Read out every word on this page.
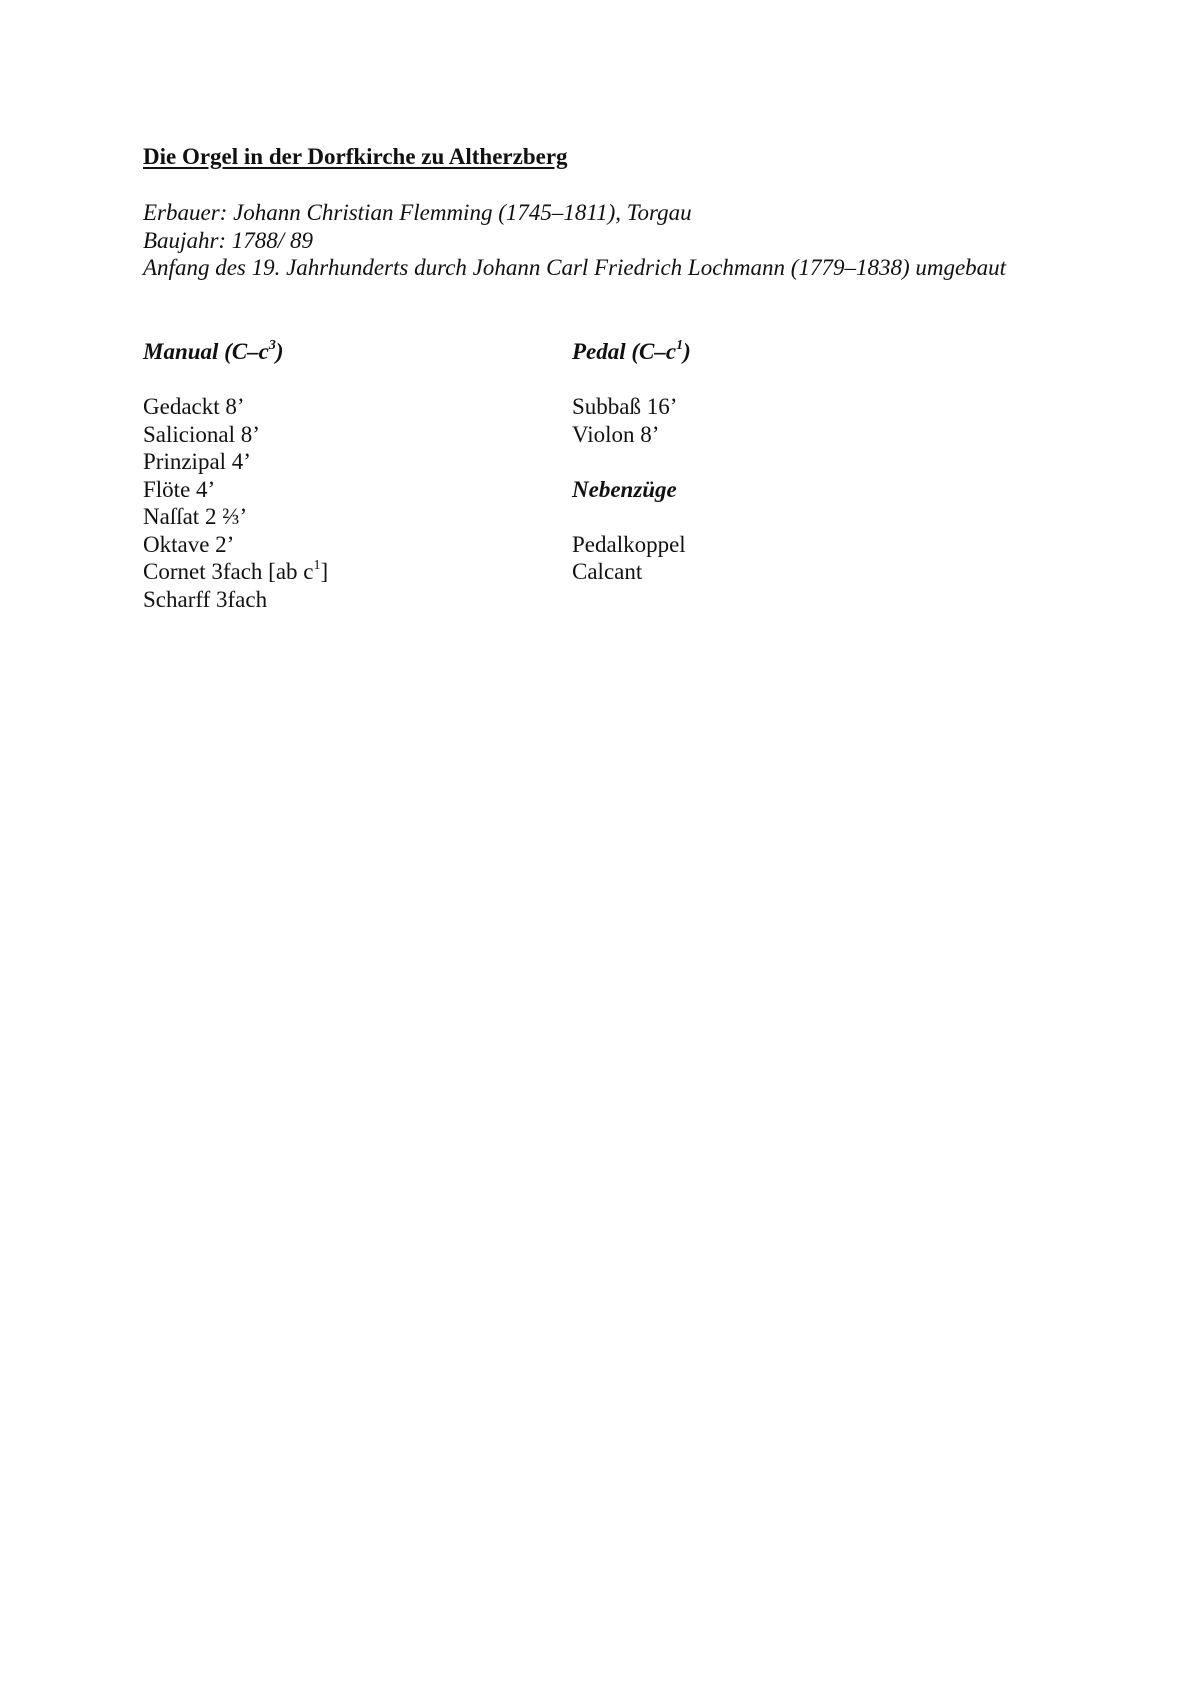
Die Orgel in der Dorfkirche zu Altherzberg
Erbauer: Johann Christian Flemming (1745–1811), Torgau
Baujahr: 1788/ 89
Anfang des 19. Jahrhunderts durch Johann Carl Friedrich Lochmann (1779–1838) umgebaut
Manual $(C-c^3)$
Gedackt 8’
Salicional 8’
Prinzipal 4’
Flöte 4’
Naſſat 2 ⅔’
Oktave 2’
Cornet 3fach [ab $c^1$]
Scharff 3fach
Pedal $(C-c^1)$
Subbaß 16’
Violon 8’
Nebenzüge
Pedalkoppel
Calcant
